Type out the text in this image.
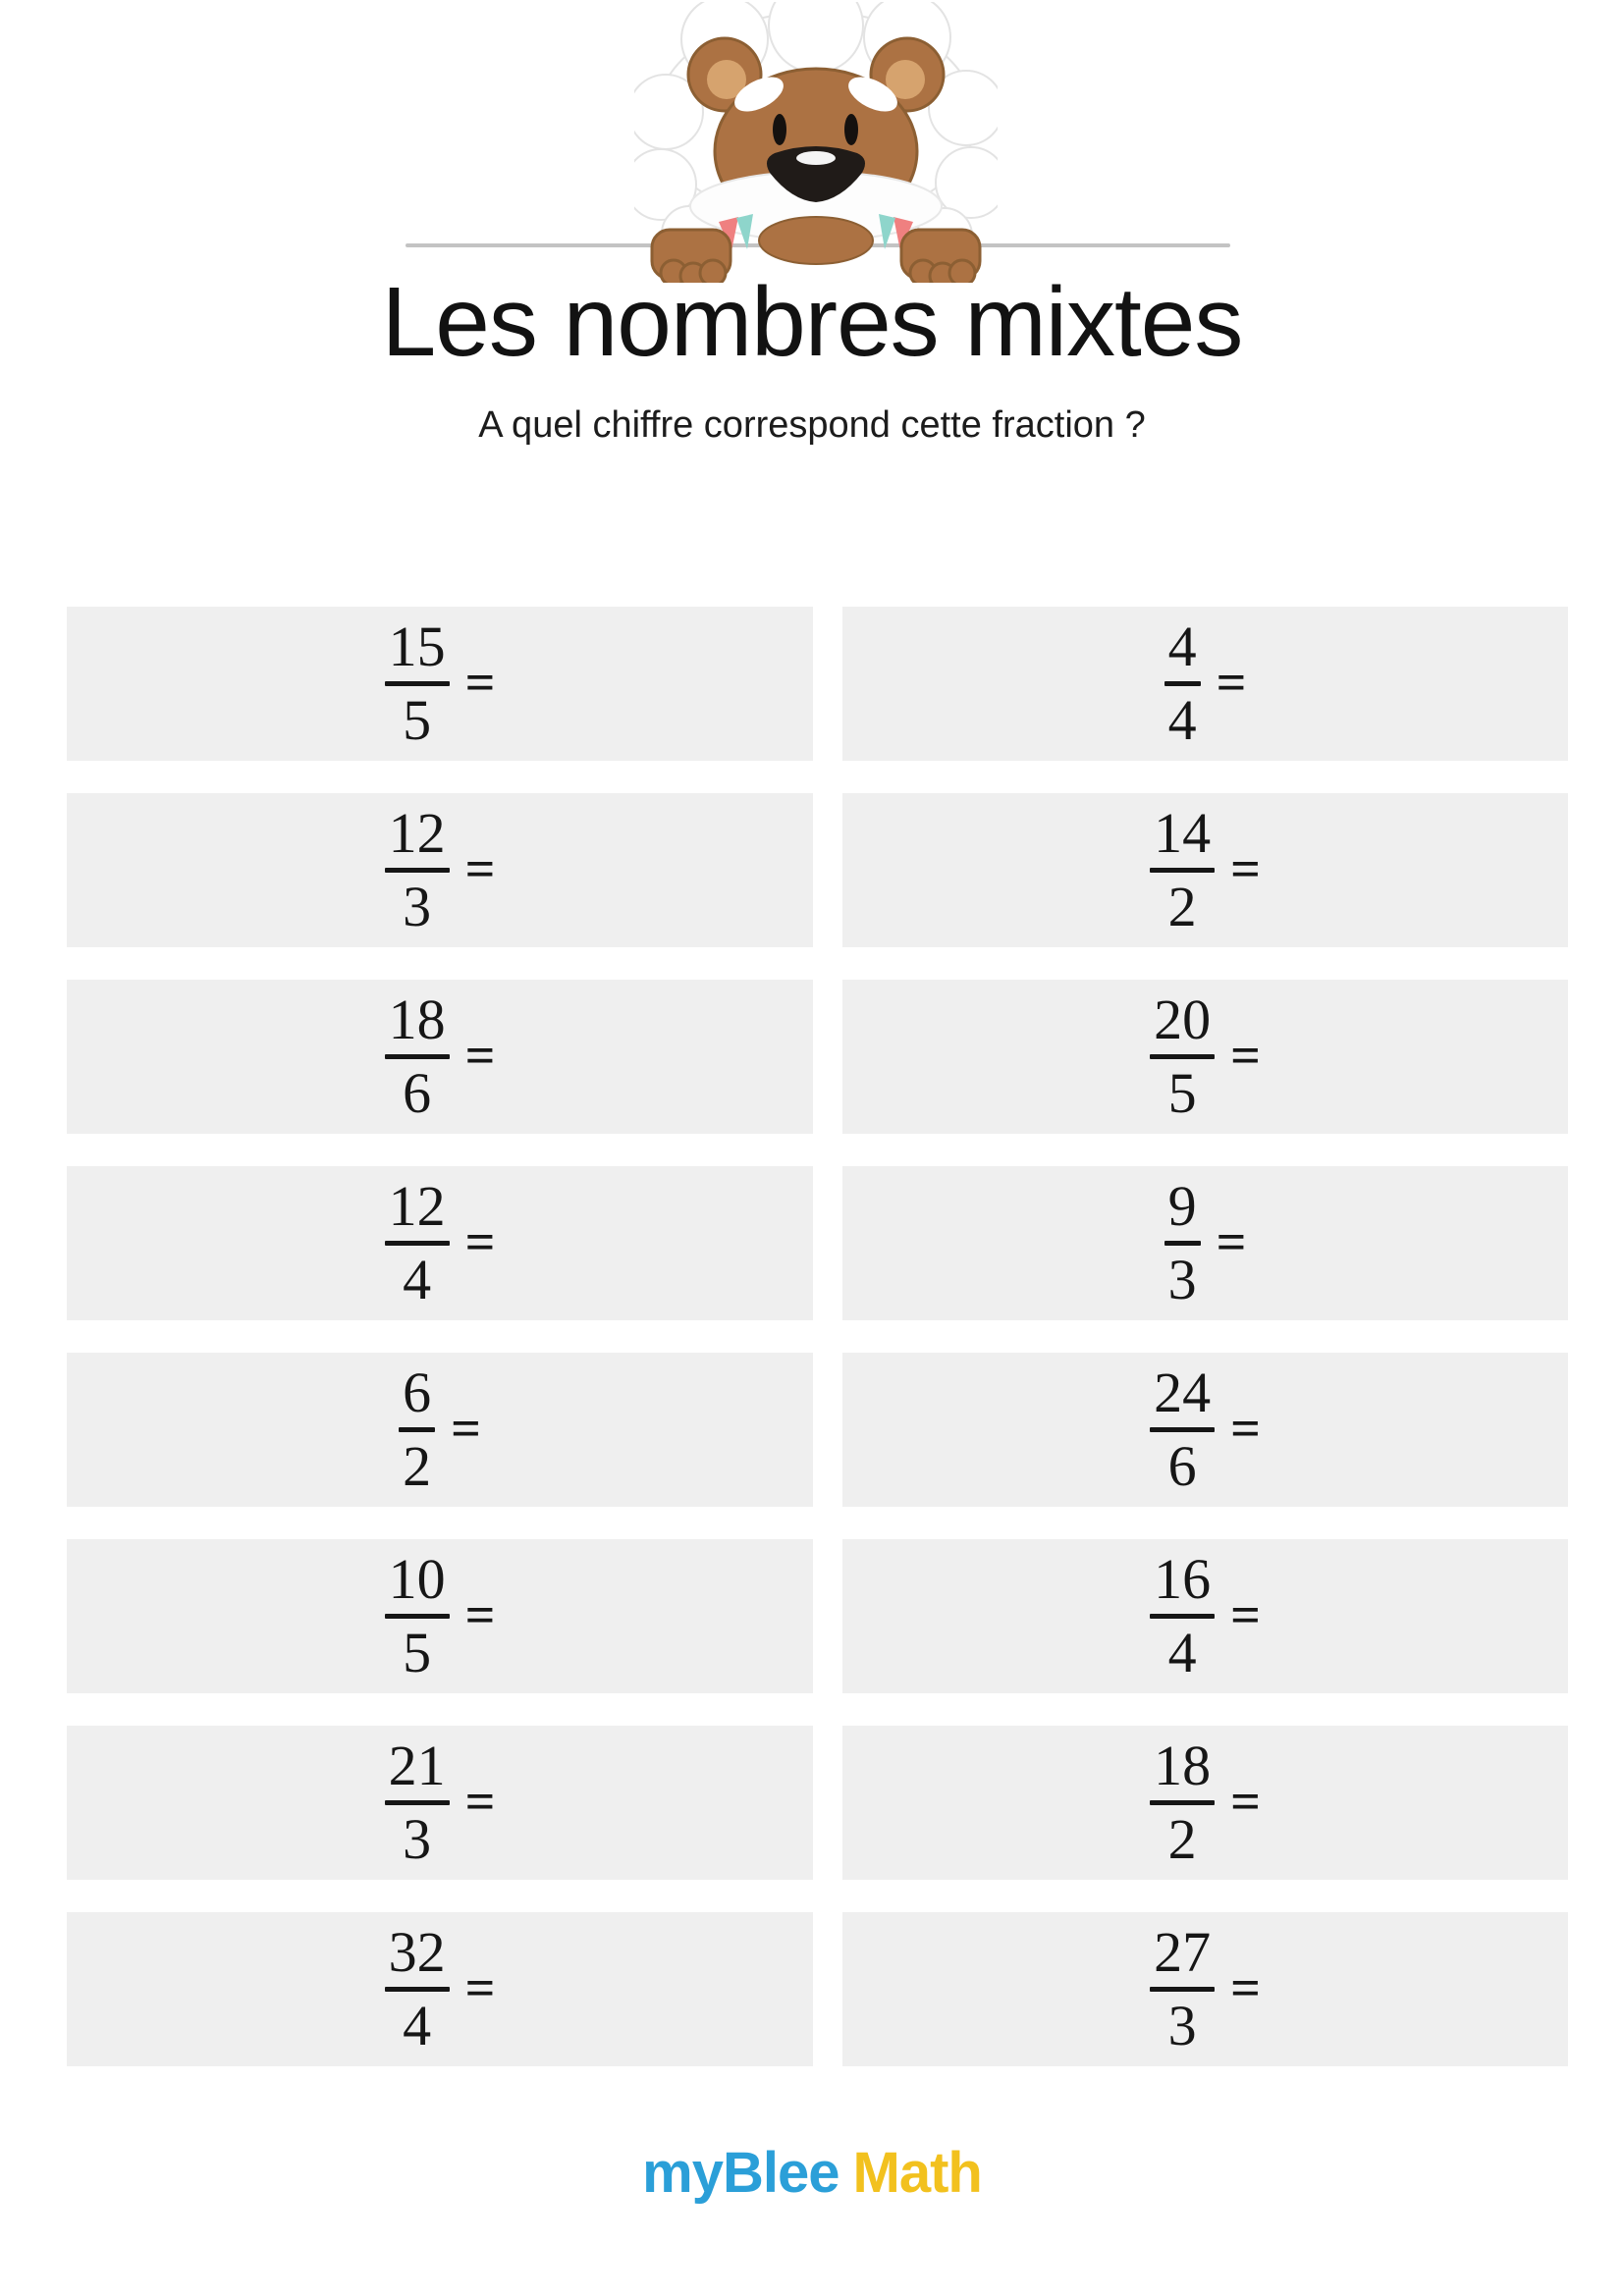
Les nombres mixtes
A quel chiffre correspond cette fraction ?
15
5
=
4
4
=
12
3
=
14
2
=
18
6
=
20
5
=
12
4
=
9
3
=
6
2
=
24
6
=
10
5
=
16
4
=
21
3
=
18
2
=
32
4
=
27
3
=
myBlee Math
